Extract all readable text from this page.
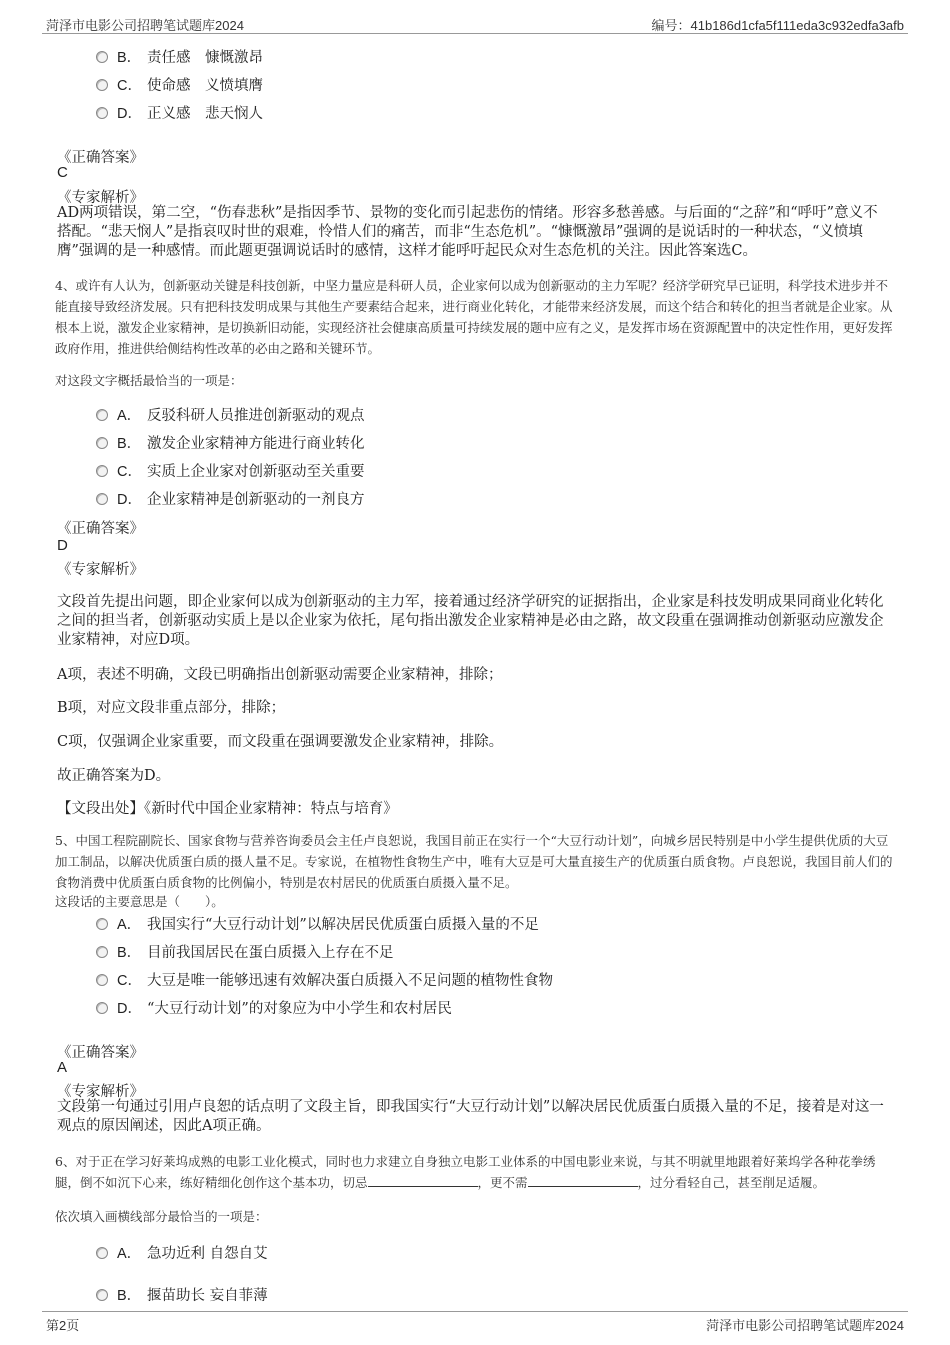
菏泽市电影公司招聘笔试题库2024	编号：41b186d1cfa5f111eda3c932edfa3afb
B． 责任感　慷慨激昂
C． 使命感　义愤填膺
D． 正义感　悲天悯人
《正确答案》
C
《专家解析》
AD两项错误，第二空，“伤春悲秋”是指因季节、景物的变化而引起悲伤的情绪。形容多愁善感。与后面的“之辞”和“呼吁”意义不搭配。“悲天悯人”是指哀叹时世的艰难，怜惜人们的痛苦，而非“生态危机”。“慷慨激昂”强调的是说话时的一种状态，“义愤填膺”强调的是一种感情。而此题更强调说话时的感情，这样才能呼吁起民众对生态危机的关注。因此答案选C。
4、或许有人认为，创新驱动关键是科技创新，中坚力量应是科研人员，企业家何以成为创新驱动的主力军呢？经济学研究早已证明，科学技术进步并不能直接导致经济发展。只有把科技发明成果与其他生产要素结合起来，进行商业化转化，才能带来经济发展，而这个结合和转化的担当者就是企业家。从根本上说，激发企业家精神，是切换新旧动能，实现经济社会健康高质量可持续发展的题中应有之义，是发挥市场在资源配置中的决定性作用，更好发挥政府作用，推进供给侧结构性改革的必由之路和关键环节。
对这段文字概括最恰当的一项是：
A． 反驳科研人员推进创新驱动的观点
B． 激发企业家精神方能进行商业转化
C． 实质上企业家对创新驱动至关重要
D． 企业家精神是创新驱动的一剂良方
《正确答案》
D
《专家解析》
文段首先提出问题，即企业家何以成为创新驱动的主力军，接着通过经济学研究的证据指出，企业家是科技发明成果同商业化转化之间的担当者，创新驱动实质上是以企业家为依托，尾句指出激发企业家精神是必由之路，故文段重在强调推动创新驱动应激发企业家精神，对应D项。
A项，表述不明确，文段已明确指出创新驱动需要企业家精神，排除；
B项，对应文段非重点部分，排除；
C项，仅强调企业家重要，而文段重在强调要激发企业家精神，排除。
故正确答案为D。
【文段出处】《新时代中国企业家精神：特点与培育》
5、中国工程院副院长、国家食物与营养咨询委员会主任卢良恕说，我国目前正在实行一个“大豆行动计划”，向城乡居民特别是中小学生提供优质的大豆加工制品，以解决优质蛋白质的摄人量不足。专家说，在植物性食物生产中，唯有大豆是可大量直接生产的优质蛋白质食物。卢良恕说，我国目前人们的食物消费中优质蛋白质食物的比例偏小，特别是农村居民的优质蛋白质摄入量不足。
这段话的主要意思是（　　）。
A． 我国实行“大豆行动计划”以解决居民优质蛋白质摄入量的不足
B． 目前我国居民在蛋白质摄入上存在不足
C． 大豆是唯一能够迅速有效解决蛋白质摄入不足问题的植物性食物
D． “大豆行动计划”的对象应为中小学生和农村居民
《正确答案》
A
《专家解析》
文段第一句通过引用卢良恕的话点明了文段主旨，即我国实行“大豆行动计划”以解决居民优质蛋白质摄入量的不足，接着是对这一观点的原因阐述，因此A项正确。
6、对于正在学习好莱坞成熟的电影工业化模式，同时也力求建立自身独立电影工业体系的中国电影业来说，与其不明就里地跟着好莱坞学各种花拳绣腿，倒不如沉下心来，练好精细化创作这个基本功，切忌	，更不需	，过分看轻自己，甚至削足适履。
依次填入画横线部分最恰当的一项是：
A． 急功近利 自怨自艾
B． 揠苗助长 妄自菲薄
第2页	菏泽市电影公司招聘笔试题库2024
